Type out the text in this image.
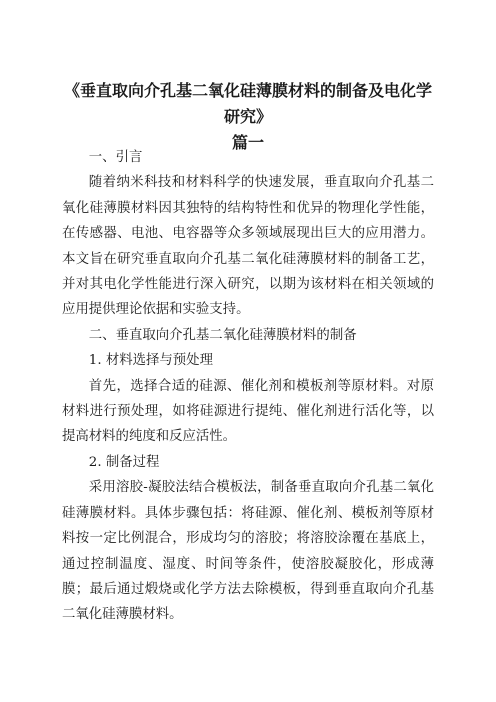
《垂直取向介孔基二氧化硅薄膜材料的制备及电化学研究》
篇一

一、引言

随着纳米科技和材料科学的快速发展，垂直取向介孔基二氧化硅薄膜材料因其独特的结构特性和优异的物理化学性能，在传感器、电池、电容器等众多领域展现出巨大的应用潜力。本文旨在研究垂直取向介孔基二氧化硅薄膜材料的制备工艺，并对其电化学性能进行深入研究，以期为该材料在相关领域的应用提供理论依据和实验支持。

二、垂直取向介孔基二氧化硅薄膜材料的制备

1. 材料选择与预处理

首先，选择合适的硅源、催化剂和模板剂等原材料。对原材料进行预处理，如将硅源进行提纯、催化剂进行活化等，以提高材料的纯度和反应活性。

2. 制备过程

采用溶胶-凝胶法结合模板法，制备垂直取向介孔基二氧化硅薄膜材料。具体步骤包括：将硅源、催化剂、模板剂等原材料按一定比例混合，形成均匀的溶胶；将溶胶涂覆在基底上，通过控制温度、湿度、时间等条件，使溶胶凝胶化，形成薄膜；最后通过煅烧或化学方法去除模板，得到垂直取向介孔基二氧化硅薄膜材料。
